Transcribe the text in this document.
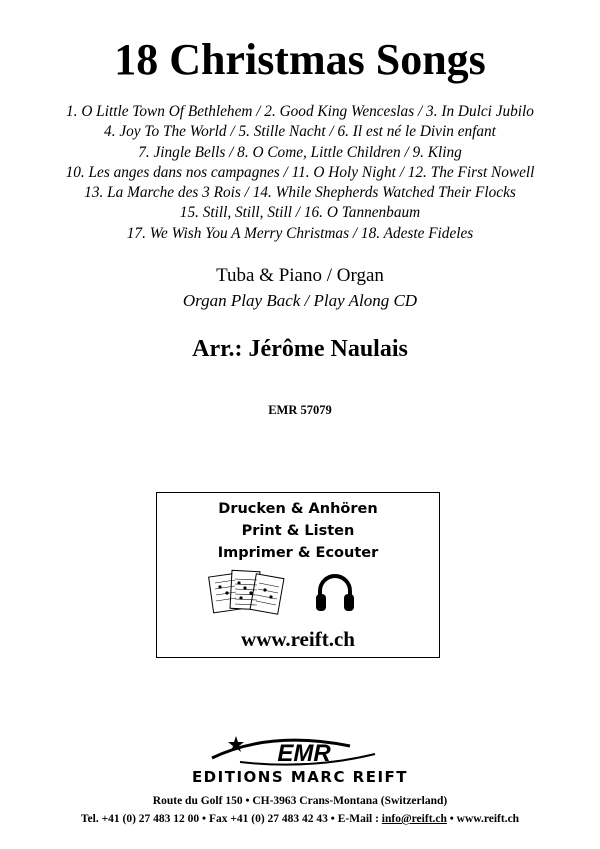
18 Christmas Songs
1. O Little Town Of Bethlehem / 2. Good King Wenceslas / 3. In Dulci Jubilo
4. Joy To The World / 5. Stille Nacht / 6. Il est né le Divin enfant
7. Jingle Bells / 8. O Come, Little Children / 9. Kling
10. Les anges dans nos campagnes / 11. O Holy Night / 12. The First Nowell
13. La Marche des 3 Rois / 14. While Shepherds Watched Their Flocks
15. Still, Still, Still / 16. O Tannenbaum
17. We Wish You A Merry Christmas / 18. Adeste Fideles
Tuba & Piano / Organ
Organ Play Back / Play Along CD
Arr.: Jérôme Naulais
EMR 57079
Drucken & Anhören
Print & Listen
Imprimer & Ecouter
www.reift.ch
EMR
EDITIONS MARC REIFT
Route du Golf 150 • CH-3963 Crans-Montana (Switzerland)
Tel. +41 (0) 27 483 12 00 • Fax +41 (0) 27 483 42 43 • E-Mail : info@reift.ch • www.reift.ch
